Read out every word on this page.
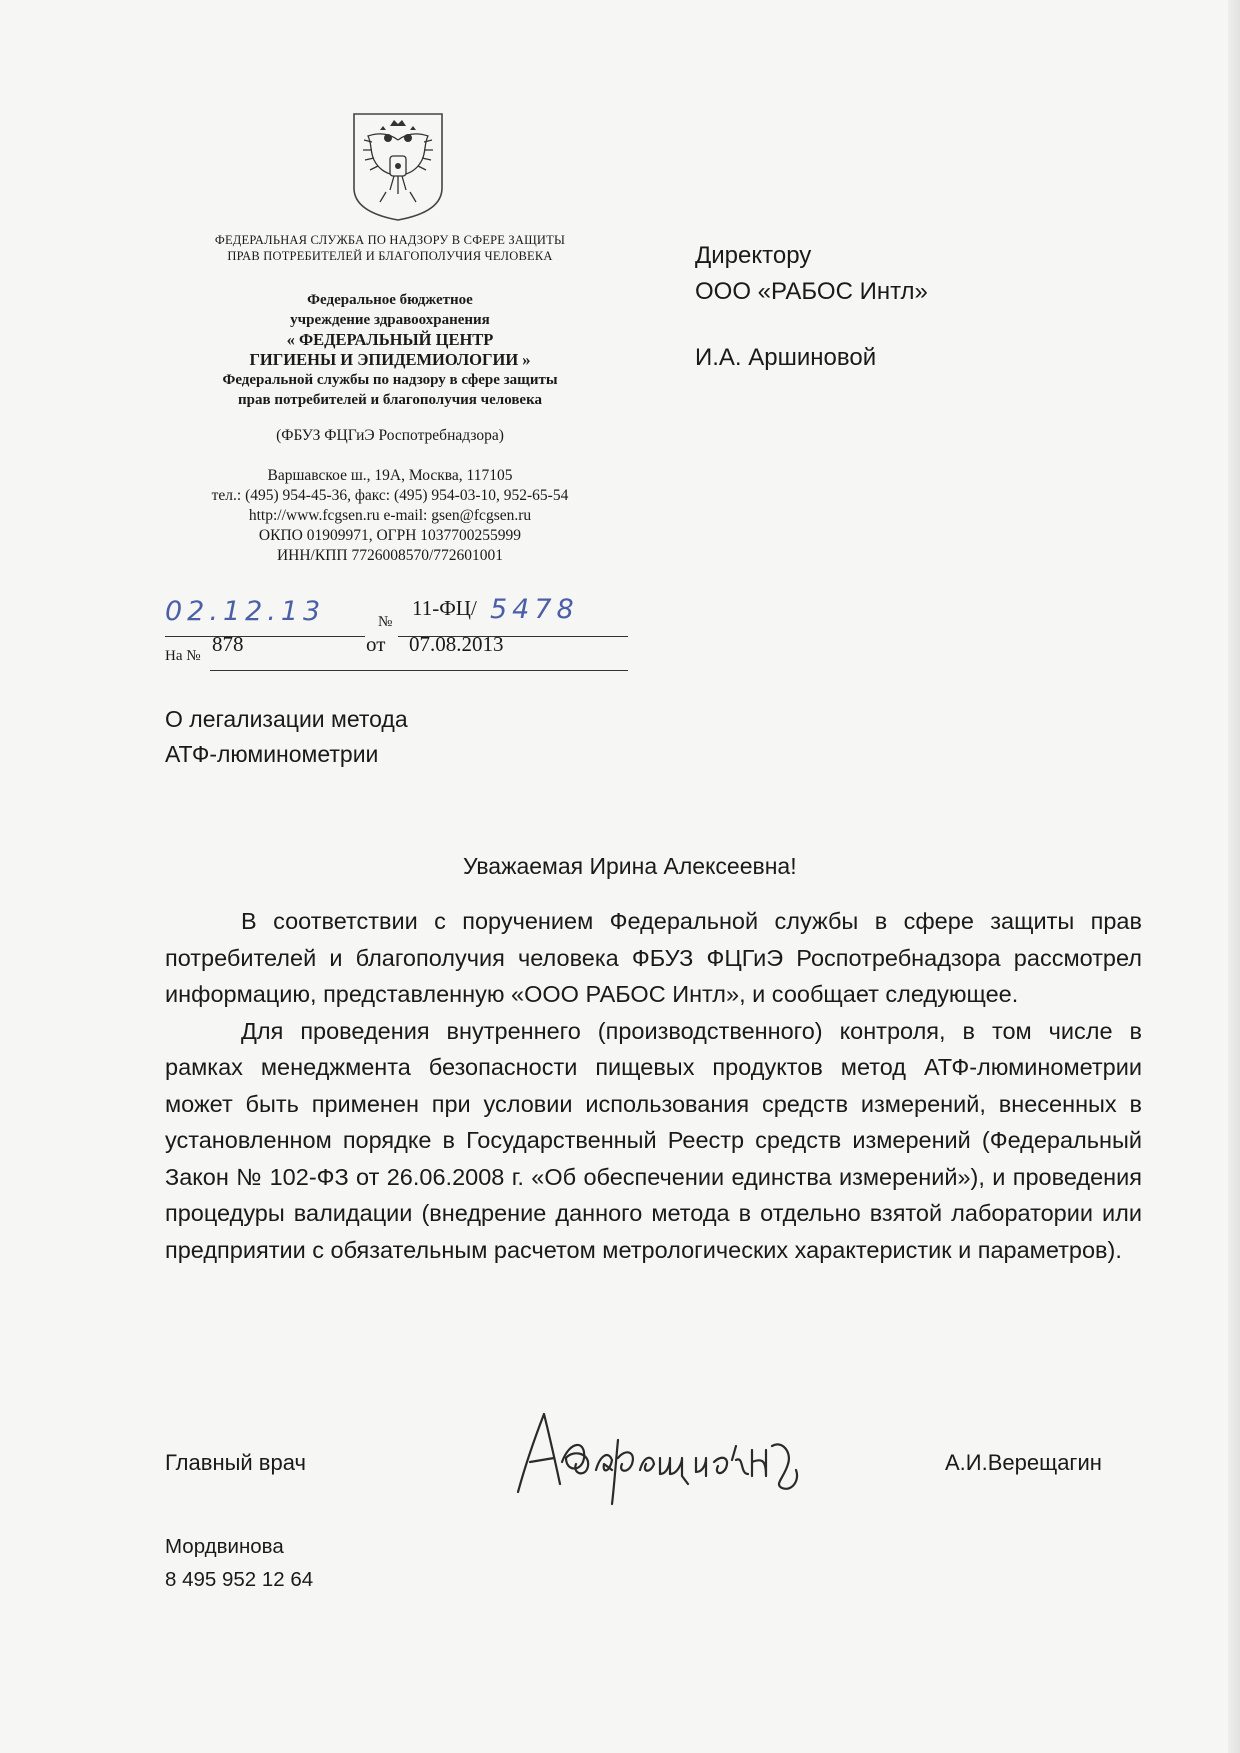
ФЕДЕРАЛЬНАЯ СЛУЖБА ПО НАДЗОРУ В СФЕРЕ ЗАЩИТЫ
ПРАВ ПОТРЕБИТЕЛЕЙ И БЛАГОПОЛУЧИЯ ЧЕЛОВЕКА
Федеральное бюджетное
учреждение здравоохранения
« ФЕДЕРАЛЬНЫЙ ЦЕНТР
ГИГИЕНЫ И ЭПИДЕМИОЛОГИИ »
Федеральной службы по надзору в сфере защиты
прав потребителей и благополучия человека
(ФБУЗ ФЦГиЭ Роспотребнадзора)
Варшавское ш., 19А, Москва, 117105
тел.: (495) 954-45-36, факс: (495) 954-03-10, 952-65-54
http://www.fcgsen.ru e-mail: gsen@fcgsen.ru
ОКПО 01909971, ОГРН 1037700255999
ИНН/КПП 7726008570/772601001
02.12.13	№
11-ФЦ/ 5478
На № 878	от 07.08.2013
Директору
ООО «РАБОС Интл»
И.А. Аршиновой
О легализации метода
АТФ-люминометрии
Уважаемая Ирина Алексеевна!

В соответствии с поручением Федеральной службы в сфере защиты прав потребителей и благополучия человека ФБУЗ ФЦГиЭ Роспотребнадзора рассмотрел информацию, представленную «ООО РАБОС Интл», и сообщает следующее.

Для проведения внутреннего (производственного) контроля, в том числе в рамках менеджмента безопасности пищевых продуктов метод АТФ-люминометрии может быть применен при условии использования средств измерений, внесенных в установленном порядке в Государственный Реестр средств измерений (Федеральный Закон № 102-ФЗ от 26.06.2008 г. «Об обеспечении единства измерений»), и проведения процедуры валидации (внедрение данного метода в отдельно взятой лаборатории или предприятии с обязательным расчетом метрологических характеристик и параметров).

Главный врач	А.И.Верещагин
Мордвинова
8 495 952 12 64
